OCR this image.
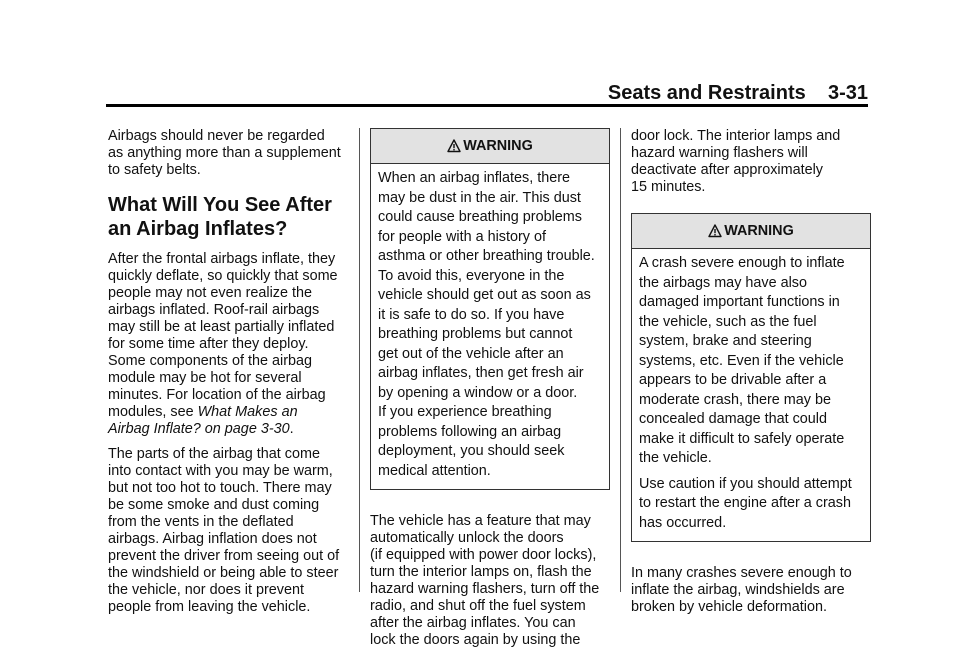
Seats and Restraints 3-31
Airbags should never be regarded
as anything more than a supplement
to safety belts.
What Will You See After
an Airbag Inflates?
After the frontal airbags inflate, they
quickly deflate, so quickly that some
people may not even realize the
airbags inflated. Roof-rail airbags
may still be at least partially inflated
for some time after they deploy.
Some components of the airbag
module may be hot for several
minutes. For location of the airbag
modules, see What Makes an
Airbag Inflate? on page 3-30.
The parts of the airbag that come
into contact with you may be warm,
but not too hot to touch. There may
be some smoke and dust coming
from the vents in the deflated
airbags. Airbag inflation does not
prevent the driver from seeing out of
the windshield or being able to steer
the vehicle, nor does it prevent
people from leaving the vehicle.
WARNING
When an airbag inflates, there
may be dust in the air. This dust
could cause breathing problems
for people with a history of
asthma or other breathing trouble.
To avoid this, everyone in the
vehicle should get out as soon as
it is safe to do so. If you have
breathing problems but cannot
get out of the vehicle after an
airbag inflates, then get fresh air
by opening a window or a door.
If you experience breathing
problems following an airbag
deployment, you should seek
medical attention.
The vehicle has a feature that may
automatically unlock the doors
(if equipped with power door locks),
turn the interior lamps on, flash the
hazard warning flashers, turn off the
radio, and shut off the fuel system
after the airbag inflates. You can
lock the doors again by using the
door lock. The interior lamps and
hazard warning flashers will
deactivate after approximately
15 minutes.
WARNING
A crash severe enough to inflate
the airbags may have also
damaged important functions in
the vehicle, such as the fuel
system, brake and steering
systems, etc. Even if the vehicle
appears to be drivable after a
moderate crash, there may be
concealed damage that could
make it difficult to safely operate
the vehicle.
Use caution if you should attempt
to restart the engine after a crash
has occurred.
In many crashes severe enough to
inflate the airbag, windshields are
broken by vehicle deformation.
